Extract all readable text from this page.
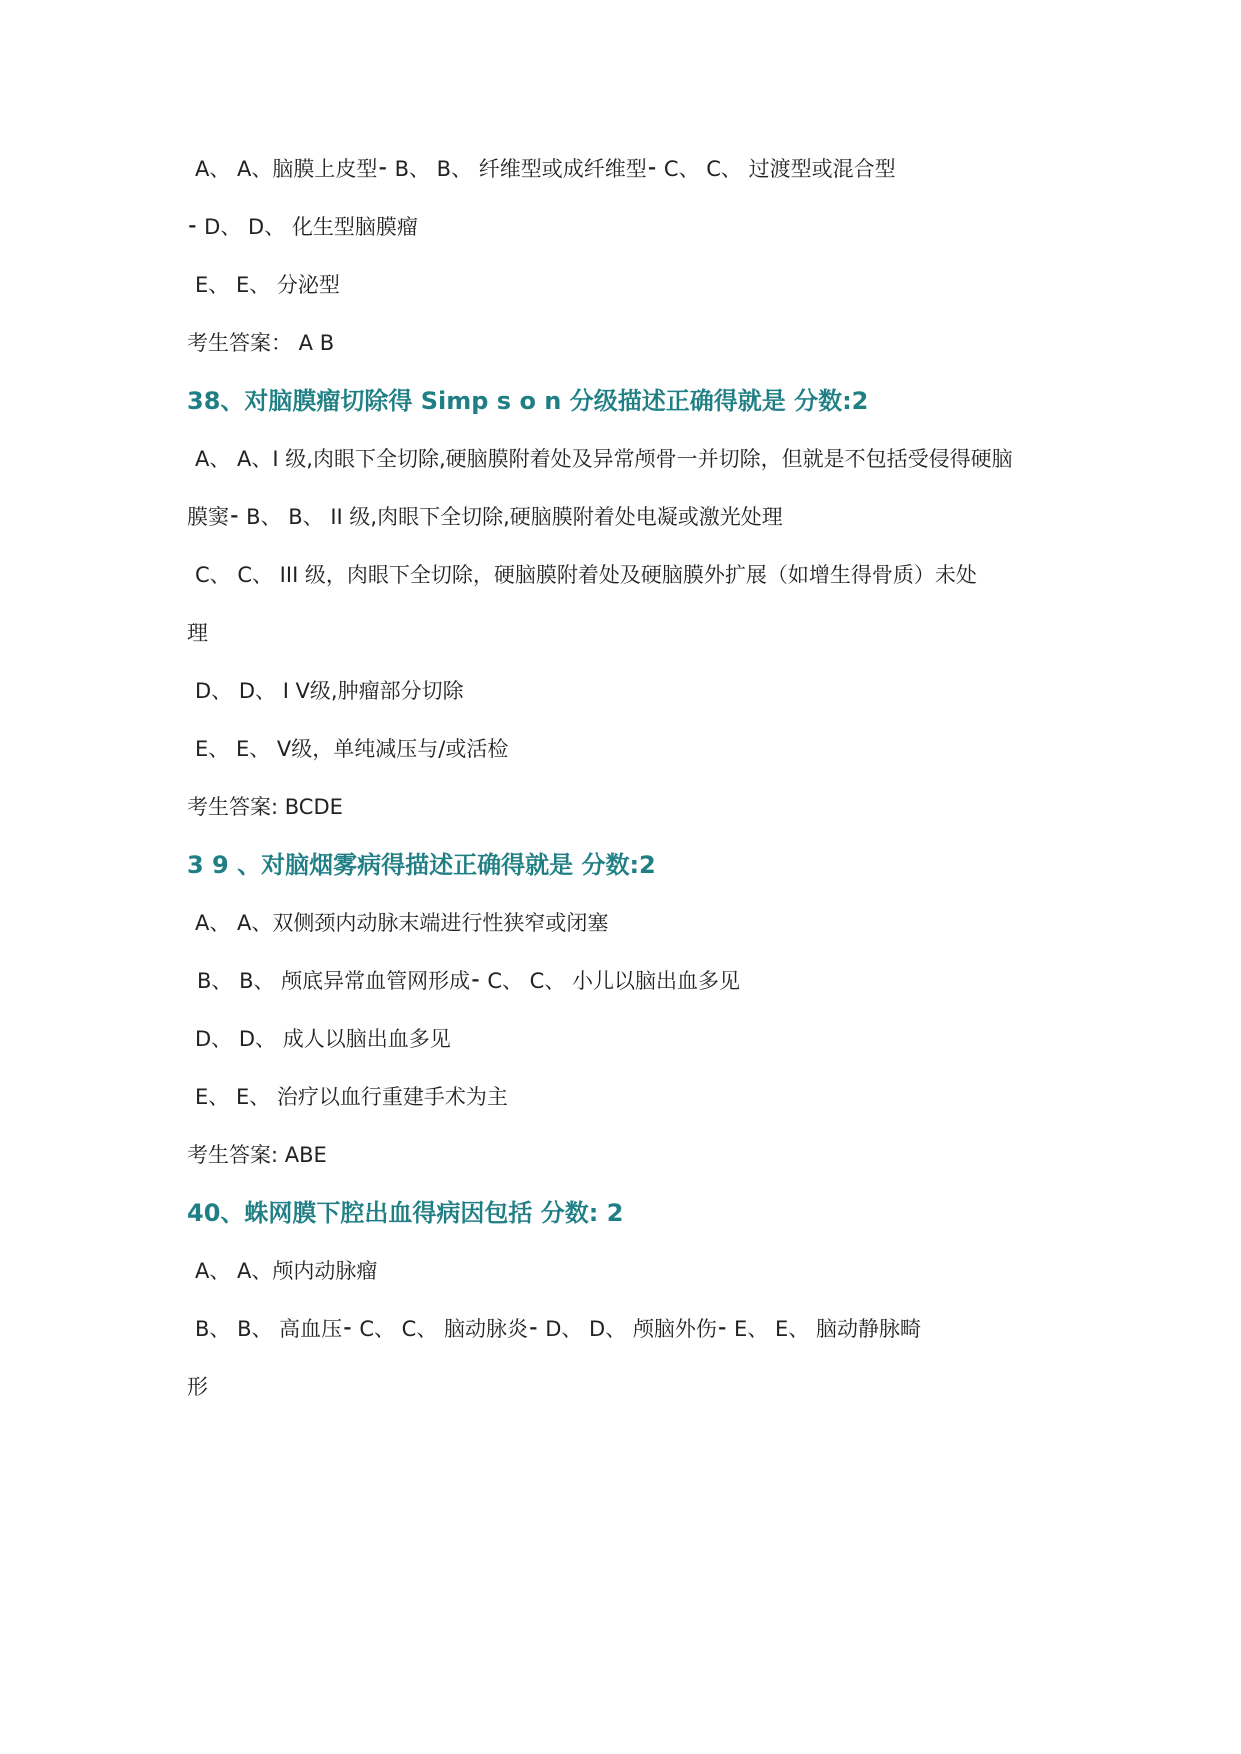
A、 A、脑膜上皮型⁃ B、 B、 纤维型或成纤维型⁃ C、 C、 过渡型或混合型
⁃ D、 D、 化生型脑膜瘤
E、 E、 分泌型
考生答案： A B
38、对脑膜瘤切除得 Simp s o n 分级描述正确得就是 分数:2
A、 A、I 级,肉眼下全切除,硬脑膜附着处及异常颅骨一并切除，但就是不包括受侵得硬脑
膜窦⁃ B、 B、 II 级,肉眼下全切除,硬脑膜附着处电凝或激光处理
C、 C、 III 级，肉眼下全切除，硬脑膜附着处及硬脑膜外扩展（如增生得骨质）未处
理
D、 D、 I V级,肿瘤部分切除
E、 E、 V级，单纯减压与/或活检
考生答案: BCDE
3 9 、对脑烟雾病得描述正确得就是 分数:2
A、 A、双侧颈内动脉末端进行性狭窄或闭塞
B、 B、 颅底异常血管网形成⁃ C、 C、 小儿以脑出血多见
D、 D、 成人以脑出血多见
E、 E、 治疗以血行重建手术为主
考生答案: ABE
40、蛛网膜下腔出血得病因包括 分数: 2
A、 A、颅内动脉瘤
B、 B、 高血压⁃ C、 C、 脑动脉炎⁃ D、 D、 颅脑外伤⁃ E、 E、 脑动静脉畸
形
